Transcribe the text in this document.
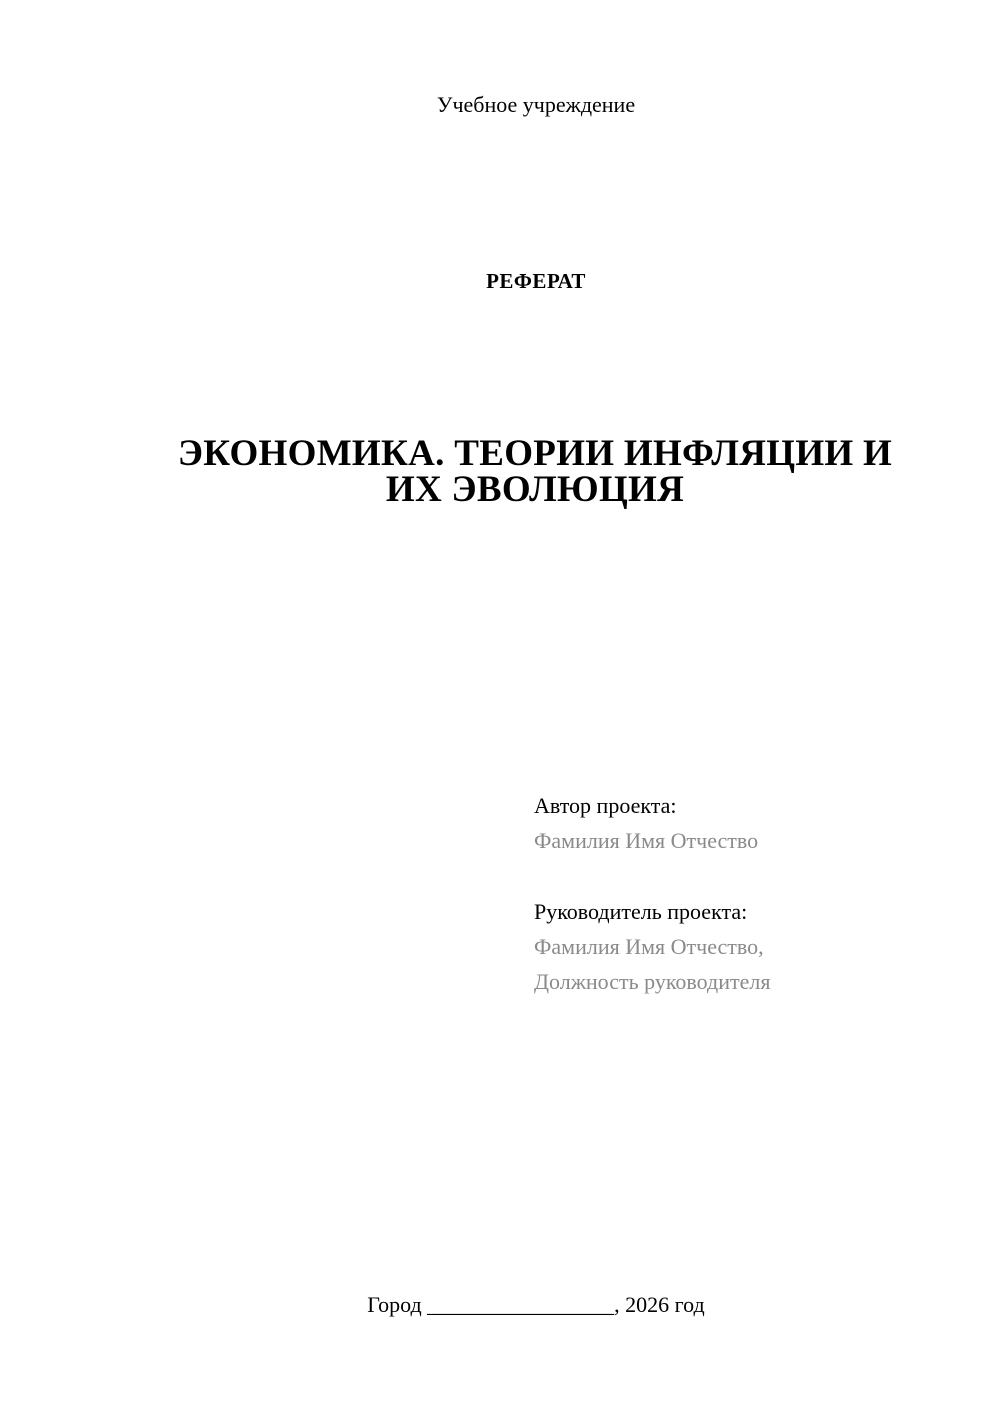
Учебное учреждение
РЕФЕРАТ
ЭКОНОМИКА. ТЕОРИИ ИНФЛЯЦИИ И
ИХ ЭВОЛЮЦИЯ
Автор проекта:
Фамилия Имя Отчество
Руководитель проекта:
Фамилия Имя Отчество,
Должность руководителя
Город _________________, 2026 год
